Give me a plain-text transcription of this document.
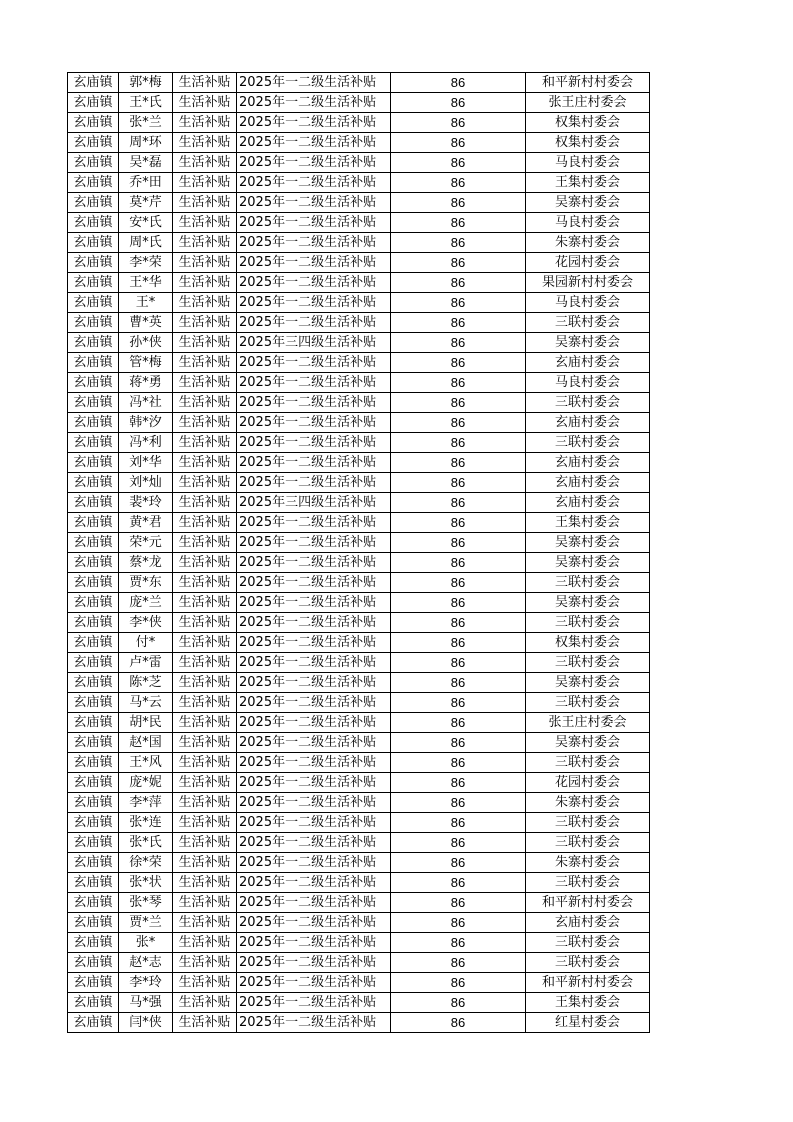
玄庙镇	郭*梅	生活补贴	2025年一二级生活补贴	86	和平新村村委会
玄庙镇	王*氏	生活补贴	2025年一二级生活补贴	86	张王庄村委会
玄庙镇	张*兰	生活补贴	2025年一二级生活补贴	86	权集村委会
玄庙镇	周*环	生活补贴	2025年一二级生活补贴	86	权集村委会
玄庙镇	吴*磊	生活补贴	2025年一二级生活补贴	86	马良村委会
玄庙镇	乔*田	生活补贴	2025年一二级生活补贴	86	王集村委会
玄庙镇	莫*芹	生活补贴	2025年一二级生活补贴	86	吴寨村委会
玄庙镇	安*氏	生活补贴	2025年一二级生活补贴	86	马良村委会
玄庙镇	周*氏	生活补贴	2025年一二级生活补贴	86	朱寨村委会
玄庙镇	李*荣	生活补贴	2025年一二级生活补贴	86	花园村委会
玄庙镇	王*华	生活补贴	2025年一二级生活补贴	86	果园新村村委会
玄庙镇	王*	生活补贴	2025年一二级生活补贴	86	马良村委会
玄庙镇	曹*英	生活补贴	2025年一二级生活补贴	86	三联村委会
玄庙镇	孙*侠	生活补贴	2025年三四级生活补贴	86	吴寨村委会
玄庙镇	管*梅	生活补贴	2025年一二级生活补贴	86	玄庙村委会
玄庙镇	蒋*勇	生活补贴	2025年一二级生活补贴	86	马良村委会
玄庙镇	冯*社	生活补贴	2025年一二级生活补贴	86	三联村委会
玄庙镇	韩*汐	生活补贴	2025年一二级生活补贴	86	玄庙村委会
玄庙镇	冯*利	生活补贴	2025年一二级生活补贴	86	三联村委会
玄庙镇	刘*华	生活补贴	2025年一二级生活补贴	86	玄庙村委会
玄庙镇	刘*灿	生活补贴	2025年一二级生活补贴	86	玄庙村委会
玄庙镇	裴*玲	生活补贴	2025年三四级生活补贴	86	玄庙村委会
玄庙镇	黄*君	生活补贴	2025年一二级生活补贴	86	王集村委会
玄庙镇	荣*元	生活补贴	2025年一二级生活补贴	86	吴寨村委会
玄庙镇	蔡*龙	生活补贴	2025年一二级生活补贴	86	吴寨村委会
玄庙镇	贾*东	生活补贴	2025年一二级生活补贴	86	三联村委会
玄庙镇	庞*兰	生活补贴	2025年一二级生活补贴	86	吴寨村委会
玄庙镇	李*侠	生活补贴	2025年一二级生活补贴	86	三联村委会
玄庙镇	付*	生活补贴	2025年一二级生活补贴	86	权集村委会
玄庙镇	卢*雷	生活补贴	2025年一二级生活补贴	86	三联村委会
玄庙镇	陈*芝	生活补贴	2025年一二级生活补贴	86	吴寨村委会
玄庙镇	马*云	生活补贴	2025年一二级生活补贴	86	三联村委会
玄庙镇	胡*民	生活补贴	2025年一二级生活补贴	86	张王庄村委会
玄庙镇	赵*国	生活补贴	2025年一二级生活补贴	86	吴寨村委会
玄庙镇	王*风	生活补贴	2025年一二级生活补贴	86	三联村委会
玄庙镇	庞*妮	生活补贴	2025年一二级生活补贴	86	花园村委会
玄庙镇	李*萍	生活补贴	2025年一二级生活补贴	86	朱寨村委会
玄庙镇	张*连	生活补贴	2025年一二级生活补贴	86	三联村委会
玄庙镇	张*氏	生活补贴	2025年一二级生活补贴	86	三联村委会
玄庙镇	徐*荣	生活补贴	2025年一二级生活补贴	86	朱寨村委会
玄庙镇	张*状	生活补贴	2025年一二级生活补贴	86	三联村委会
玄庙镇	张*琴	生活补贴	2025年一二级生活补贴	86	和平新村村委会
玄庙镇	贾*兰	生活补贴	2025年一二级生活补贴	86	玄庙村委会
玄庙镇	张*	生活补贴	2025年一二级生活补贴	86	三联村委会
玄庙镇	赵*志	生活补贴	2025年一二级生活补贴	86	三联村委会
玄庙镇	李*玲	生活补贴	2025年一二级生活补贴	86	和平新村村委会
玄庙镇	马*强	生活补贴	2025年一二级生活补贴	86	王集村委会
玄庙镇	闫*侠	生活补贴	2025年一二级生活补贴	86	红星村委会
